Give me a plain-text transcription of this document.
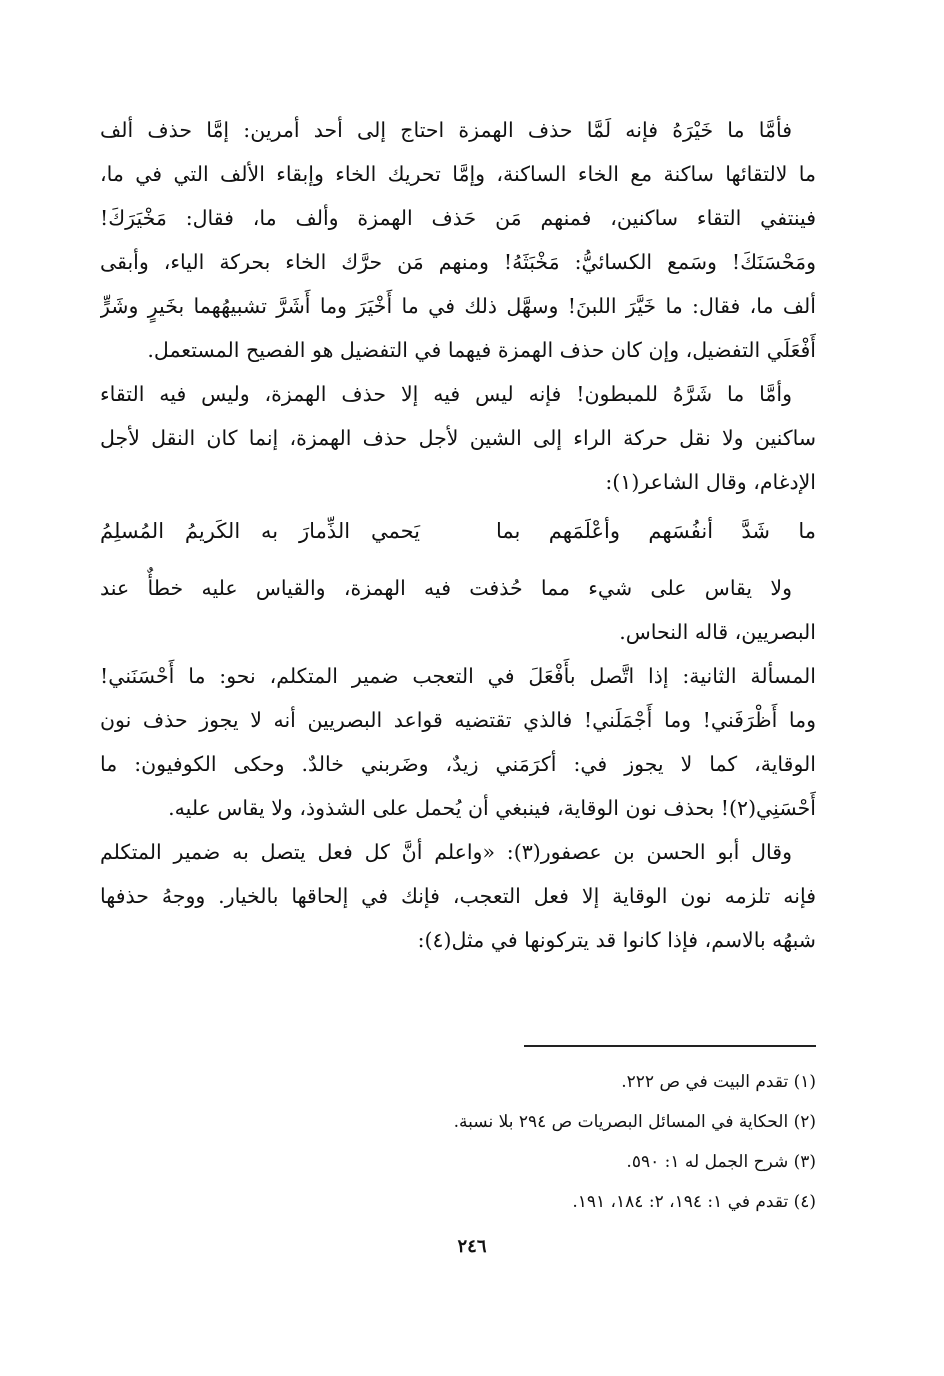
فأمَّا ما خَيْرَهُ فإنه لَمَّا حذف الهمزة احتاج إلى أحد أمرين: إمَّا حذف ألف
ما لالتقائها ساكنة مع الخاء الساكنة، وإمَّا تحريك الخاء وإبقاء الألف التي في ما،
فينتفي التقاء ساكنين، فمنهم مَن حَذف الهمزة وألف ما، فقال: مَخْيَرَكَ!
ومَحْسَنَكَ! وسَمع الكسائيُّ: مَخْبَثَهُ! ومنهم مَن حرَّك الخاء بحركة الياء، وأبقى
ألف ما، فقال: ما خَيَّرَ اللبنَ! وسهَّل ذلك في ما أَخْيَرَ وما أَشَرَّ تشبيهُهما بخَيرٍ وشَرٍّ
أَفْعَلَي التفضيل، وإن كان حذف الهمزة فيهما في التفضيل هو الفصيح المستعمل.
وأمَّا ما شَرَّهُ للمبطون! فإنه ليس فيه إلا حذف الهمزة، وليس فيه التقاء
ساكنين ولا نقل حركة الراء إلى الشين لأجل حذف الهمزة، إنما كان النقل لأجل
الإدغام، وقال الشاعر(١):
ما شَدَّ أنفُسَهم وأعْلَمَهم بما
يَحمي الذِّمارَ به الكَريمُ المُسلِمُ
ولا يقاس على شيء مما حُذفت فيه الهمزة، والقياس عليه خطأٌ عند
البصريين، قاله النحاس.
المسألة الثانية: إذا اتَّصل بأَفْعَلَ في التعجب ضمير المتكلم، نحو: ما أَحْسَنَني!
وما أَظْرَفَني! وما أَجْمَلَني! فالذي تقتضيه قواعد البصريين أنه لا يجوز حذف نون
الوقاية، كما لا يجوز في: أكرَمَني زيدٌ، وضَربني خالدٌ. وحكى الكوفيون: ما
أَحْسَنِي(٢)! بحذف نون الوقاية، فينبغي أن يُحمل على الشذوذ، ولا يقاس عليه.
وقال أبو الحسن بن عصفور(٣): «واعلم أنَّ كل فعل يتصل به ضمير المتكلم
فإنه تلزمه نون الوقاية إلا فعل التعجب، فإنك في إلحاقها بالخيار. ووجهُ حذفها
شبهُه بالاسم، فإذا كانوا قد يتركونها في مثل(٤):
(١) تقدم البيت في ص ٢٢٢.
(٢) الحكاية في المسائل البصريات ص ٢٩٤ بلا نسبة.
(٣) شرح الجمل له ١: ٥٩٠.
(٤) تقدم في ١: ١٩٤، ٢: ١٨٤، ١٩١.
٢٤٦
